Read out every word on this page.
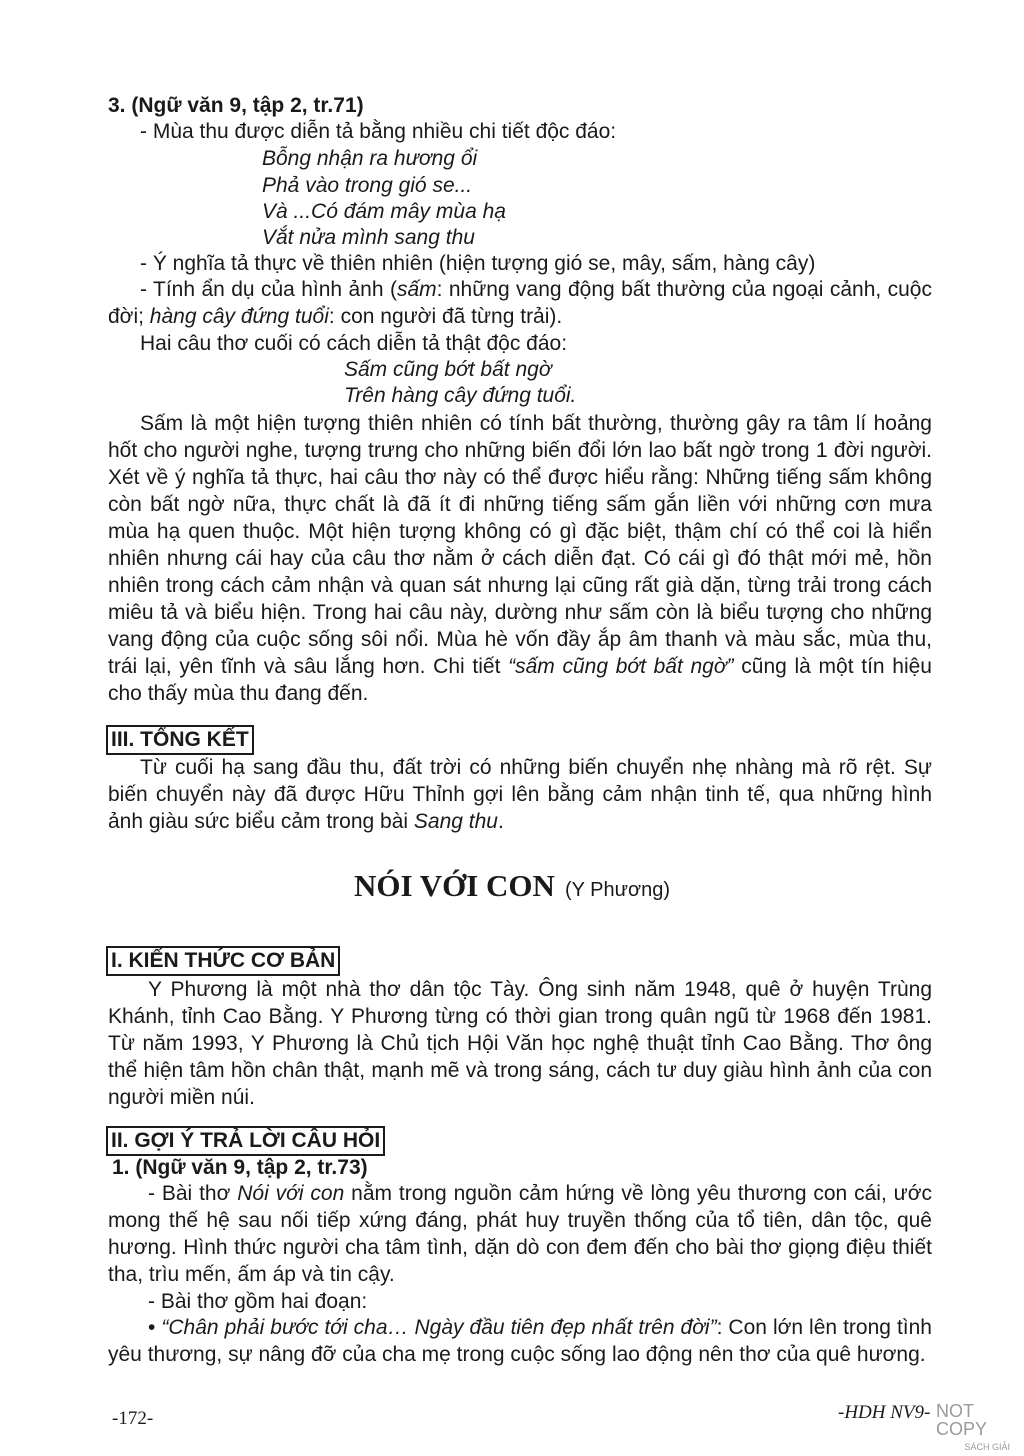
3. (Ngữ văn 9, tập 2, tr.71)
- Mùa thu được diễn tả bằng nhiều chi tiết độc đáo:
Bỗng nhận ra hương ổi
Phả vào trong gió se...
Và ...Có đám mây mùa hạ
Vắt nửa mình sang thu
- Ý nghĩa tả thực về thiên nhiên (hiện tượng gió se, mây, sấm, hàng cây)

- Tính ẩn dụ của hình ảnh (sấm: những vang động bất thường của ngoại cảnh, cuộc đời; hàng cây đứng tuổi: con người đã từng trải).

Hai câu thơ cuối có cách diễn tả thật độc đáo:
Sấm cũng bớt bất ngờ
Trên hàng cây đứng tuổi.

Sấm là một hiện tượng thiên nhiên có tính bất thường, thường gây ra tâm lí hoảng hốt cho người nghe, tượng trưng cho những biến đổi lớn lao bất ngờ trong 1 đời người. Xét về ý nghĩa tả thực, hai câu thơ này có thể được hiểu rằng: Những tiếng sấm không còn bất ngờ nữa, thực chất là đã ít đi những tiếng sấm gắn liền với những cơn mưa mùa hạ quen thuộc. Một hiện tượng không có gì đặc biệt, thậm chí có thể coi là hiển nhiên nhưng cái hay của câu thơ nằm ở cách diễn đạt. Có cái gì đó thật mới mẻ, hồn nhiên trong cách cảm nhận và quan sát nhưng lại cũng rất già dặn, từng trải trong cách miêu tả và biểu hiện. Trong hai câu này, dường như sấm còn là biểu tượng cho những vang động của cuộc sống sôi nổi. Mùa hè vốn đầy ắp âm thanh và màu sắc, mùa thu, trái lại, yên tĩnh và sâu lắng hơn. Chi tiết “sấm cũng bớt bất ngờ” cũng là một tín hiệu cho thấy mùa thu đang đến.

III. TỔNG KẾT

Từ cuối hạ sang đầu thu, đất trời có những biến chuyển nhẹ nhàng mà rõ rệt. Sự biến chuyển này đã được Hữu Thỉnh gợi lên bằng cảm nhận tinh tế, qua những hình ảnh giàu sức biểu cảm trong bài Sang thu.

NÓI VỚI CON (Y Phương)
I. KIẾN THỨC CƠ BẢN

Y Phương là một nhà thơ dân tộc Tày. Ông sinh năm 1948, quê ở huyện Trùng Khánh, tỉnh Cao Bằng. Y Phương từng có thời gian trong quân ngũ từ 1968 đến 1981. Từ năm 1993, Y Phương là Chủ tịch Hội Văn học nghệ thuật tỉnh Cao Bằng. Thơ ông thể hiện tâm hồn chân thật, mạnh mẽ và trong sáng, cách tư duy giàu hình ảnh của con người miền núi.

II. GỢI Ý TRẢ LỜI CÂU HỎI
1. (Ngữ văn 9, tập 2, tr.73)

- Bài thơ Nói với con nằm trong nguồn cảm hứng về lòng yêu thương con cái, ước mong thế hệ sau nối tiếp xứng đáng, phát huy truyền thống của tổ tiên, dân tộc, quê hương. Hình thức người cha tâm tình, dặn dò con đem đến cho bài thơ giọng điệu thiết tha, trìu mến, ấm áp và tin cậy.

- Bài thơ gồm hai đoạn:

• “Chân phải bước tới cha… Ngày đầu tiên đẹp nhất trên đời”: Con lớn lên trong tình yêu thương, sự nâng đỡ của cha mẹ trong cuộc sống lao động nên thơ của quê hương.

-172-	-HDH NV9- NOT COPY
SÁCH GIẢI
